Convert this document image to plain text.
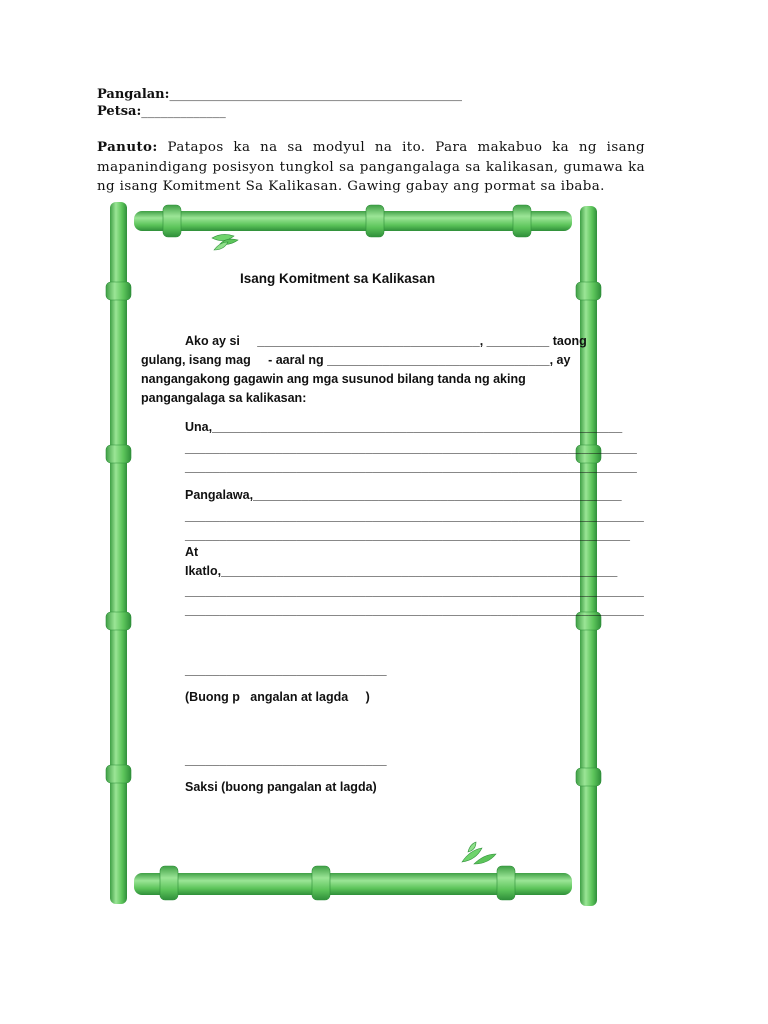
Pangalan:_____________________________________________
Petsa:_____________

Panuto: Patapos ka na sa modyul na ito. Para makabuo ka ng isang mapanindigang posisyon tungkol sa pangangalaga sa kalikasan, gumawa ka ng isang Komitment Sa Kalikasan. Gawing gabay ang pormat sa ibaba.

Isang Komitment sa Kalikasan
Ako ay si     ________________________________, _________ taong
gulang, isang mag     - aaral ng ________________________________, ay
nangangakong gagawin ang mga susunod bilang tanda ng aking
pangangalaga sa kalikasan:
Una,___________________________________________________________
_________________________________________________________________
_________________________________________________________________
Pangalawa,_____________________________________________________
__________________________________________________________________
________________________________________________________________
At
Ikatlo,_________________________________________________________
__________________________________________________________________
__________________________________________________________________
_____________________________
(Buong p   angalan at lagda     )
_____________________________
Saksi (buong pangalan at lagda)
